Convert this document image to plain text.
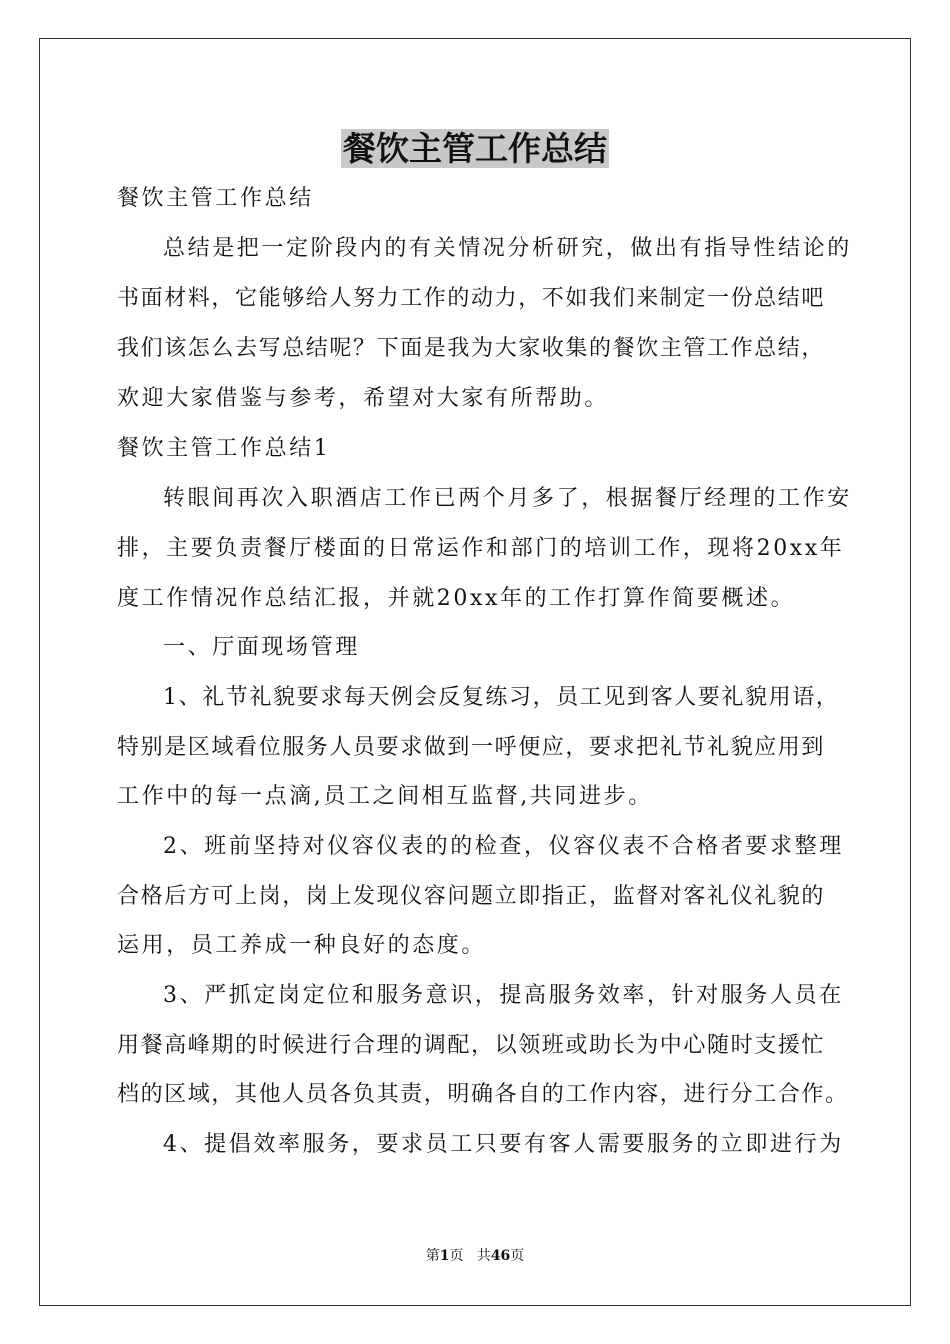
餐饮主管工作总结

餐饮主管工作总结

总结是把一定阶段内的有关情况分析研究，做出有指导性结论的

书面材料，它能够给人努力工作的动力，不如我们来制定一份总结吧

我们该怎么去写总结呢？下面是我为大家收集的餐饮主管工作总结，

欢迎大家借鉴与参考，希望对大家有所帮助。

餐饮主管工作总结1

转眼间再次入职酒店工作已两个月多了，根据餐厅经理的工作安

排，主要负责餐厅楼面的日常运作和部门的培训工作，现将20xx年

度工作情况作总结汇报，并就20xx年的工作打算作简要概述。

一、厅面现场管理

1、礼节礼貌要求每天例会反复练习，员工见到客人要礼貌用语，

特别是区域看位服务人员要求做到一呼便应，要求把礼节礼貌应用到

工作中的每一点滴,员工之间相互监督,共同进步。

2、班前坚持对仪容仪表的的检查，仪容仪表不合格者要求整理

合格后方可上岗，岗上发现仪容问题立即指正，监督对客礼仪礼貌的

运用，员工养成一种良好的态度。

3、严抓定岗定位和服务意识，提高服务效率，针对服务人员在

用餐高峰期的时候进行合理的调配，以领班或助长为中心随时支援忙

档的区域，其他人员各负其责，明确各自的工作内容，进行分工合作。

4、提倡效率服务，要求员工只要有客人需要服务的立即进行为

第1页 共46页
